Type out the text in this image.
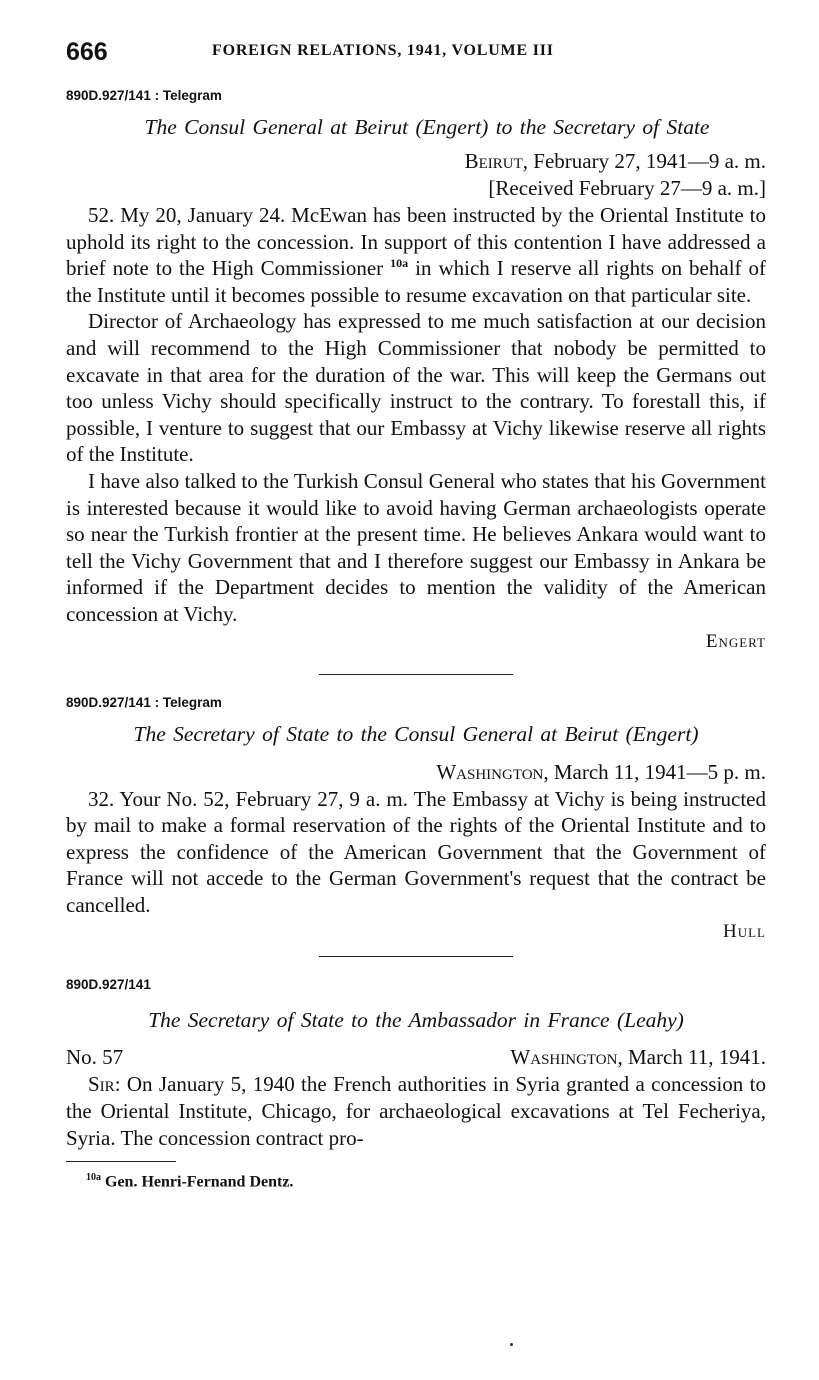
666	FOREIGN RELATIONS, 1941, VOLUME III
890D.927/141 : Telegram
The Consul General at Beirut (Engert) to the Secretary of State
Beirut, February 27, 1941—9 a. m.
[Received February 27—9 a. m.]

52. My 20, January 24. McEwan has been instructed by the Oriental Institute to uphold its right to the concession. In support of this contention I have addressed a brief note to the High Commissioner $^{10a}$ in which I reserve all rights on behalf of the Institute until it becomes possible to resume excavation on that particular site.

Director of Archaeology has expressed to me much satisfaction at our decision and will recommend to the High Commissioner that nobody be permitted to excavate in that area for the duration of the war. This will keep the Germans out too unless Vichy should specifically instruct to the contrary. To forestall this, if possible, I venture to suggest that our Embassy at Vichy likewise reserve all rights of the Institute.

I have also talked to the Turkish Consul General who states that his Government is interested because it would like to avoid having German archaeologists operate so near the Turkish frontier at the present time. He believes Ankara would want to tell the Vichy Government that and I therefore suggest our Embassy in Ankara be informed if the Department decides to mention the validity of the American concession at Vichy.

Engert
890D.927/141 : Telegram
The Secretary of State to the Consul General at Beirut (Engert)
Washington, March 11, 1941—5 p. m.

32. Your No. 52, February 27, 9 a. m. The Embassy at Vichy is being instructed by mail to make a formal reservation of the rights of the Oriental Institute and to express the confidence of the American Government that the Government of France will not accede to the German Government's request that the contract be cancelled.

Hull
890D.927/141
The Secretary of State to the Ambassador in France (Leahy)
No. 57	Washington, March 11, 1941.

Sir: On January 5, 1940 the French authorities in Syria granted a concession to the Oriental Institute, Chicago, for archaeological excavations at Tel Fecheriya, Syria. The concession contract pro-

$^{10a}$ Gen. Henri-Fernand Dentz.
